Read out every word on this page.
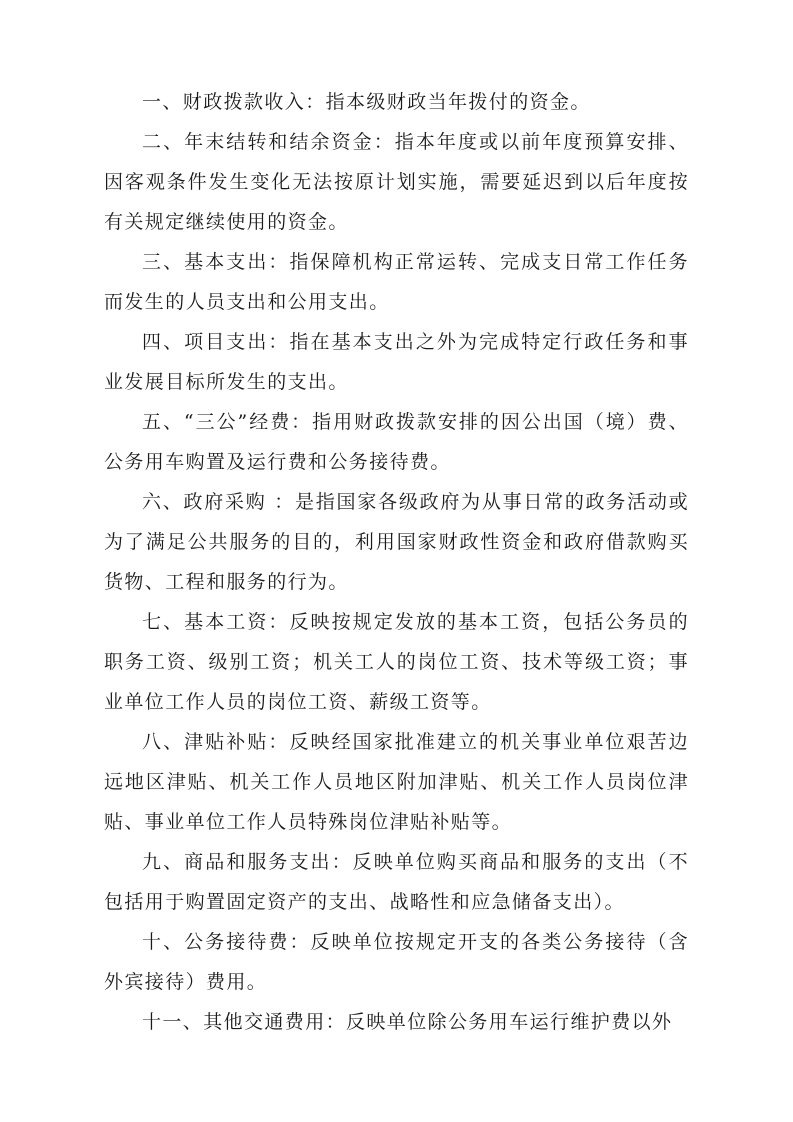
一、财政拨款收入：指本级财政当年拨付的资金。

二、年末结转和结余资金：指本年度或以前年度预算安排、因客观条件发生变化无法按原计划实施，需要延迟到以后年度按有关规定继续使用的资金。

三、基本支出：指保障机构正常运转、完成支日常工作任务而发生的人员支出和公用支出。

四、项目支出：指在基本支出之外为完成特定行政任务和事业发展目标所发生的支出。

五、“三公”经费：指用财政拨款安排的因公出国（境）费、公务用车购置及运行费和公务接待费。

六、政府采购 ：是指国家各级政府为从事日常的政务活动或为了满足公共服务的目的，利用国家财政性资金和政府借款购买货物、工程和服务的行为。

七、基本工资：反映按规定发放的基本工资，包括公务员的职务工资、级别工资；机关工人的岗位工资、技术等级工资；事业单位工作人员的岗位工资、薪级工资等。

八、津贴补贴：反映经国家批准建立的机关事业单位艰苦边远地区津贴、机关工作人员地区附加津贴、机关工作人员岗位津贴、事业单位工作人员特殊岗位津贴补贴等。

九、商品和服务支出：反映单位购买商品和服务的支出（不包括用于购置固定资产的支出、战略性和应急储备支出）。

十、公务接待费：反映单位按规定开支的各类公务接待（含外宾接待）费用。

十一、其他交通费用：反映单位除公务用车运行维护费以外
